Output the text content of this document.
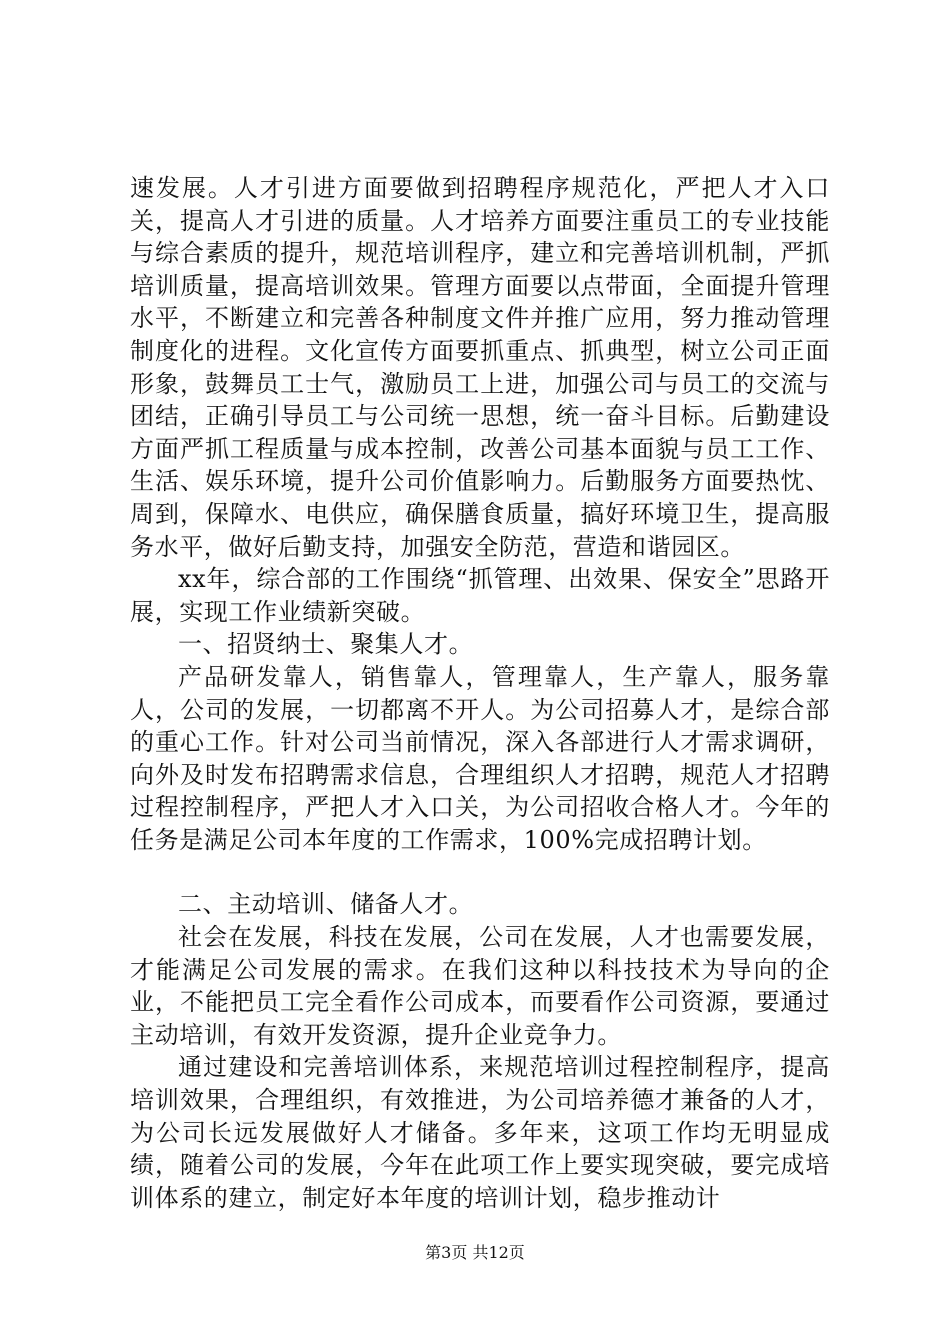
速发展。人才引进方面要做到招聘程序规范化，严把人才入口关，提高人才引进的质量。人才培养方面要注重员工的专业技能与综合素质的提升，规范培训程序，建立和完善培训机制，严抓培训质量，提高培训效果。管理方面要以点带面，全面提升管理水平，不断建立和完善各种制度文件并推广应用，努力推动管理制度化的进程。文化宣传方面要抓重点、抓典型，树立公司正面形象，鼓舞员工士气，激励员工上进，加强公司与员工的交流与团结，正确引导员工与公司统一思想，统一奋斗目标。后勤建设方面严抓工程质量与成本控制，改善公司基本面貌与员工工作、生活、娱乐环境，提升公司价值影响力。后勤服务方面要热忱、周到，保障水、电供应，确保膳食质量，搞好环境卫生，提高服务水平，做好后勤支持，加强安全防范，营造和谐园区。

xx年，综合部的工作围绕“抓管理、出效果、保安全”思路开展，实现工作业绩新突破。

一、招贤纳士、聚集人才。

产品研发靠人，销售靠人，管理靠人，生产靠人，服务靠人，公司的发展，一切都离不开人。为公司招募人才，是综合部的重心工作。针对公司当前情况，深入各部进行人才需求调研，向外及时发布招聘需求信息，合理组织人才招聘，规范人才招聘过程控制程序，严把人才入口关，为公司招收合格人才。今年的任务是满足公司本年度的工作需求，100%完成招聘计划。

二、主动培训、储备人才。

社会在发展，科技在发展，公司在发展，人才也需要发展，才能满足公司发展的需求。在我们这种以科技技术为导向的企业，不能把员工完全看作公司成本，而要看作公司资源，要通过主动培训，有效开发资源，提升企业竞争力。

通过建设和完善培训体系，来规范培训过程控制程序，提高培训效果，合理组织，有效推进，为公司培养德才兼备的人才，为公司长远发展做好人才储备。多年来，这项工作均无明显成绩，随着公司的发展，今年在此项工作上要实现突破，要完成培训体系的建立，制定好本年度的培训计划，稳步推动计

第3页 共12页
